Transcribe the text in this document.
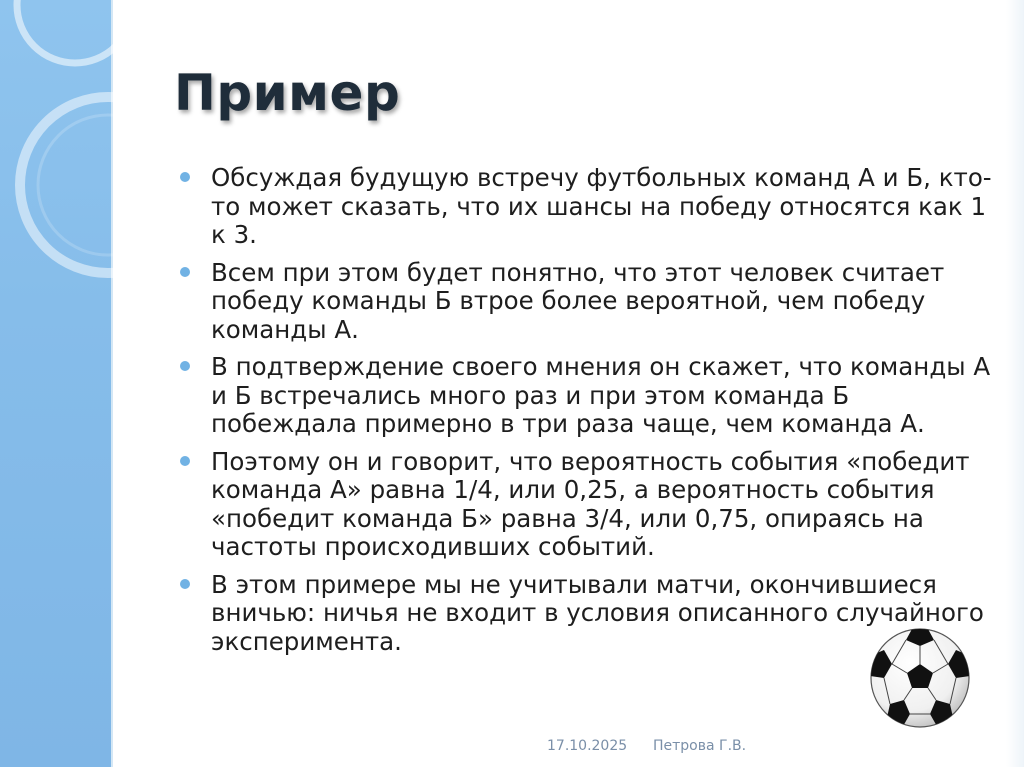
Пример
Обсуждая будущую встречу футбольных команд А и Б, кто-то может сказать, что их шансы на победу относятся как 1 к 3.
Всем при этом будет понятно, что этот человек считает победу команды Б втрое более вероятной, чем победу команды А.
В подтверждение своего мнения он скажет, что команды А и Б встречались много раз и при этом команда Б побеждала примерно в три раза чаще, чем команда А.
Поэтому он и говорит, что вероятность события «победит команда А» равна 1/4, или 0,25, а вероятность события «победит команда Б» равна 3/4, или 0,75, опираясь на частоты происходивших событий.
В этом примере мы не учитывали матчи, окончившиеся вничью: ничья не входит в условия описанного случайного эксперимента.
17.10.2025 Петрова Г.В.
